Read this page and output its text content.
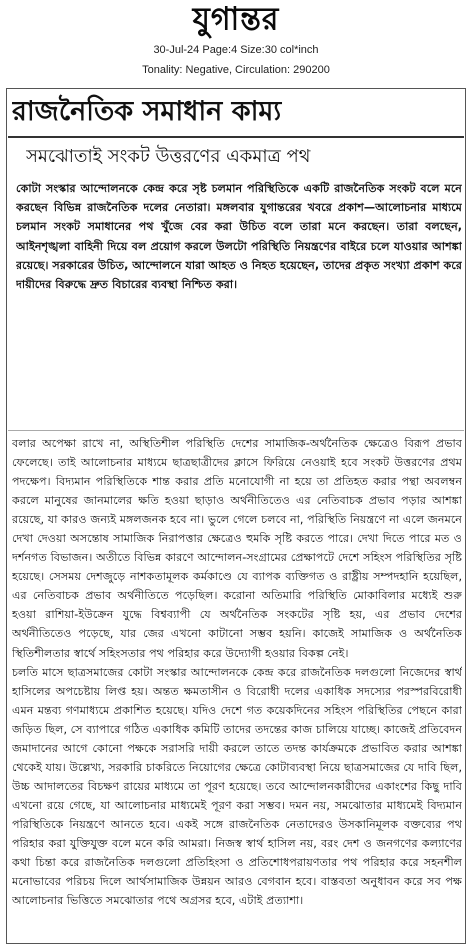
যুগান্তর
30-Jul-24 Page:4 Size:30 col*inch
Tonality: Negative, Circulation: 290200
রাজনৈতিক সমাধান কাম্য
সমঝোতাই সংকট উত্তরণের একমাত্র পথ
কোটা সংস্কার আন্দোলনকে কেন্দ্র করে সৃষ্ট চলমান পরিস্থিতিকে একটি রাজনৈতিক সংকট বলে মনে করছেন বিভিন্ন রাজনৈতিক দলের নেতারা। মঙ্গলবার যুগান্তরের খবরে প্রকাশ—আলোচনার মাধ্যমে চলমান সংকট সমাধানের পথ খুঁজে বের করা উচিত বলে তারা মনে করছেন। তারা বলছেন, আইনশৃঙ্খলা বাহিনী দিয়ে বল প্রয়োগ করলে উলটো পরিস্থিতি নিয়ন্ত্রণের বাইরে চলে যাওয়ার আশঙ্কা রয়েছে। সরকারের উচিত, আন্দোলনে যারা আহত ও নিহত হয়েছেন, তাদের প্রকৃত সংখ্যা প্রকাশ করে দায়ীদের বিরুদ্ধে দ্রুত বিচারের ব্যবস্থা নিশ্চিত করা।

বলার অপেক্ষা রাখে না, অস্থিতিশীল পরিস্থিতি দেশের সামাজিক-অর্থনৈতিক ক্ষেত্রেও বিরূপ প্রভাব ফেলেছে। তাই আলোচনার মাধ্যমে ছাত্রছাত্রীদের ক্লাসে ফিরিয়ে নেওয়াই হবে সংকট উত্তরণের প্রথম পদক্ষেপ। বিদ্যমান পরিস্থিতিকে শান্ত করার প্রতি মনোযোগী না হয়ে তা প্রতিহত করার পন্থা অবলম্বন করলে মানুষের জানমালের ক্ষতি হওয়া ছাড়াও অর্থনীতিতেও এর নেতিবাচক প্রভাব পড়ার আশঙ্কা রয়েছে, যা কারও জন্যই মঙ্গলজনক হবে না। ভুলে গেলে চলবে না, পরিস্থিতি নিয়ন্ত্রণে না এলে জনমনে দেখা দেওয়া অসন্তোষ সামাজিক নিরাপত্তার ক্ষেত্রেও হুমকি সৃষ্টি করতে পারে। দেখা দিতে পারে মত ও দর্শনগত বিভাজন। অতীতে বিভিন্ন কারণে আন্দোলন-সংগ্রামের প্রেক্ষাপটে দেশে সহিংস পরিস্থিতির সৃষ্টি হয়েছে। সেসময় দেশজুড়ে নাশকতামূলক কর্মকাণ্ডে যে ব্যাপক ব্যক্তিগত ও রাষ্ট্রীয় সম্পদহানি হয়েছিল, এর নেতিবাচক প্রভাব অর্থনীতিতে পড়েছিল। করোনা অতিমারি পরিস্থিতি মোকাবিলার মধ্যেই শুরু হওয়া রাশিয়া-ইউক্রেন যুদ্ধে বিশ্বব্যাপী যে অর্থনৈতিক সংকটের সৃষ্টি হয়, এর প্রভাব দেশের অর্থনীতিতেও পড়েছে, যার জের এখনো কাটানো সম্ভব হয়নি। কাজেই সামাজিক ও অর্থনৈতিক স্থিতিশীলতার স্বার্থে সহিংসতার পথ পরিহার করে উদ্যোগী হওয়ার বিকল্প নেই।

চলতি মাসে ছাত্রসমাজের কোটা সংস্কার আন্দোলনকে কেন্দ্র করে রাজনৈতিক দলগুলো নিজেদের স্বার্থ হাসিলের অপচেষ্টায় লিপ্ত হয়। অন্তত ক্ষমতাসীন ও বিরোধী দলের একাধিক সদস্যের পরস্পরবিরোধী এমন মন্তব্য গণমাধ্যমে প্রকাশিত হয়েছে। যদিও দেশে গত কয়েকদিনের সহিংস পরিস্থিতির পেছনে কারা জড়িত ছিল, সে ব্যাপারে গঠিত একাধিক কমিটি তাদের তদন্তের কাজ চালিয়ে যাচ্ছে। কাজেই প্রতিবেদন জমাদানের আগে কোনো পক্ষকে সরাসরি দায়ী করলে তাতে তদন্ত কার্যক্রমকে প্রভাবিত করার আশঙ্কা থেকেই যায়। উল্লেখ্য, সরকারি চাকরিতে নিয়োগের ক্ষেত্রে কোটাব্যবস্থা নিয়ে ছাত্রসমাজের যে দাবি ছিল, উচ্চ আদালতের বিচক্ষণ রায়ের মাধ্যমে তা পূরণ হয়েছে। তবে আন্দোলনকারীদের একাংশের কিছু দাবি এখনো রয়ে গেছে, যা আলোচনার মাধ্যমেই পূরণ করা সম্ভব। দমন নয়, সমঝোতার মাধ্যমেই বিদ্যমান পরিস্থিতিকে নিয়ন্ত্রণে আনতে হবে। একই সঙ্গে রাজনৈতিক নেতাদেরও উসকানিমূলক বক্তব্যের পথ পরিহার করা যুক্তিযুক্ত বলে মনে করি আমরা। নিজস্ব স্বার্থ হাসিল নয়, বরং দেশ ও জনগণের কল্যাণের কথা চিন্তা করে রাজনৈতিক দলগুলো প্রতিহিংসা ও প্রতিশোধপরায়ণতার পথ পরিহার করে সহনশীল মনোভাবের পরিচয় দিলে আর্থসামাজিক উন্নয়ন আরও বেগবান হবে। বাস্তবতা অনুধাবন করে সব পক্ষ আলোচনার ভিত্তিতে সমঝোতার পথে অগ্রসর হবে, এটাই প্রত্যাশা।
